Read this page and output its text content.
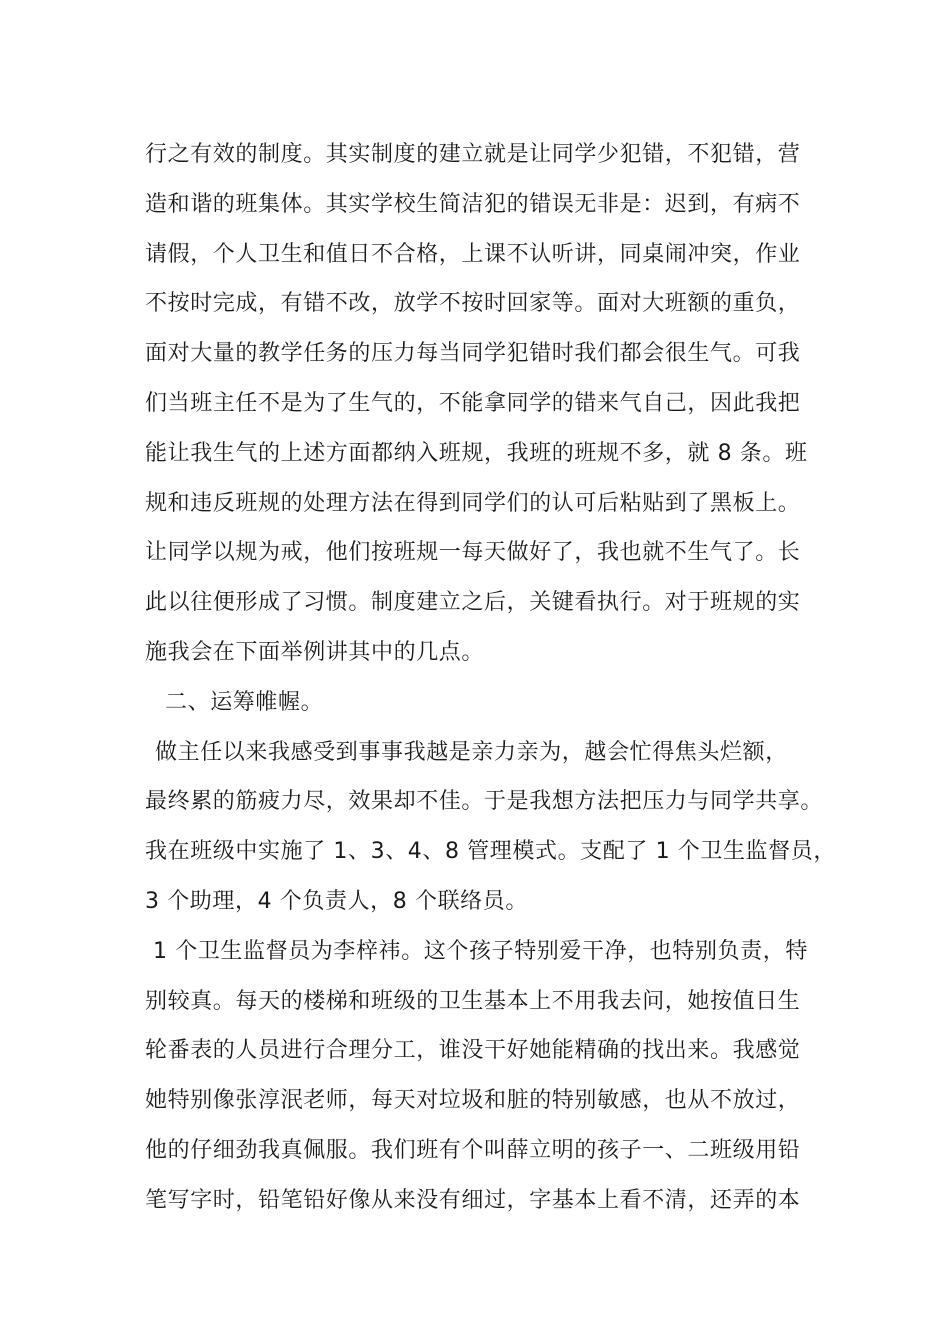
行之有效的制度。其实制度的建立就是让同学少犯错，不犯错，营
造和谐的班集体。其实学校生简洁犯的错误无非是：迟到，有病不
请假，个人卫生和值日不合格，上课不认听讲，同桌闹冲突，作业
不按时完成，有错不改，放学不按时回家等。面对大班额的重负，
面对大量的教学任务的压力每当同学犯错时我们都会很生气。可我
们当班主任不是为了生气的，不能拿同学的错来气自己，因此我把
能让我生气的上述方面都纳入班规，我班的班规不多，就 8 条。班
规和违反班规的处理方法在得到同学们的认可后粘贴到了黑板上。
让同学以规为戒，他们按班规一每天做好了，我也就不生气了。长
此以往便形成了习惯。制度建立之后，关键看执行。对于班规的实
施我会在下面举例讲其中的几点。
二、运筹帷幄。
做主任以来我感受到事事我越是亲力亲为，越会忙得焦头烂额，
最终累的筋疲力尽，效果却不佳。于是我想方法把压力与同学共享。
我在班级中实施了 1、3、4、8 管理模式。支配了 1 个卫生监督员，
3 个助理，4 个负责人，8 个联络员。
1 个卫生监督员为李梓祎。这个孩子特别爱干净，也特别负责，特
别较真。每天的楼梯和班级的卫生基本上不用我去问，她按值日生
轮番表的人员进行合理分工，谁没干好她能精确的找出来。我感觉
她特别像张淳泯老师，每天对垃圾和脏的特别敏感，也从不放过，
他的仔细劲我真佩服。我们班有个叫薛立明的孩子一、二班级用铅
笔写字时，铅笔铅好像从来没有细过，字基本上看不清，还弄的本
